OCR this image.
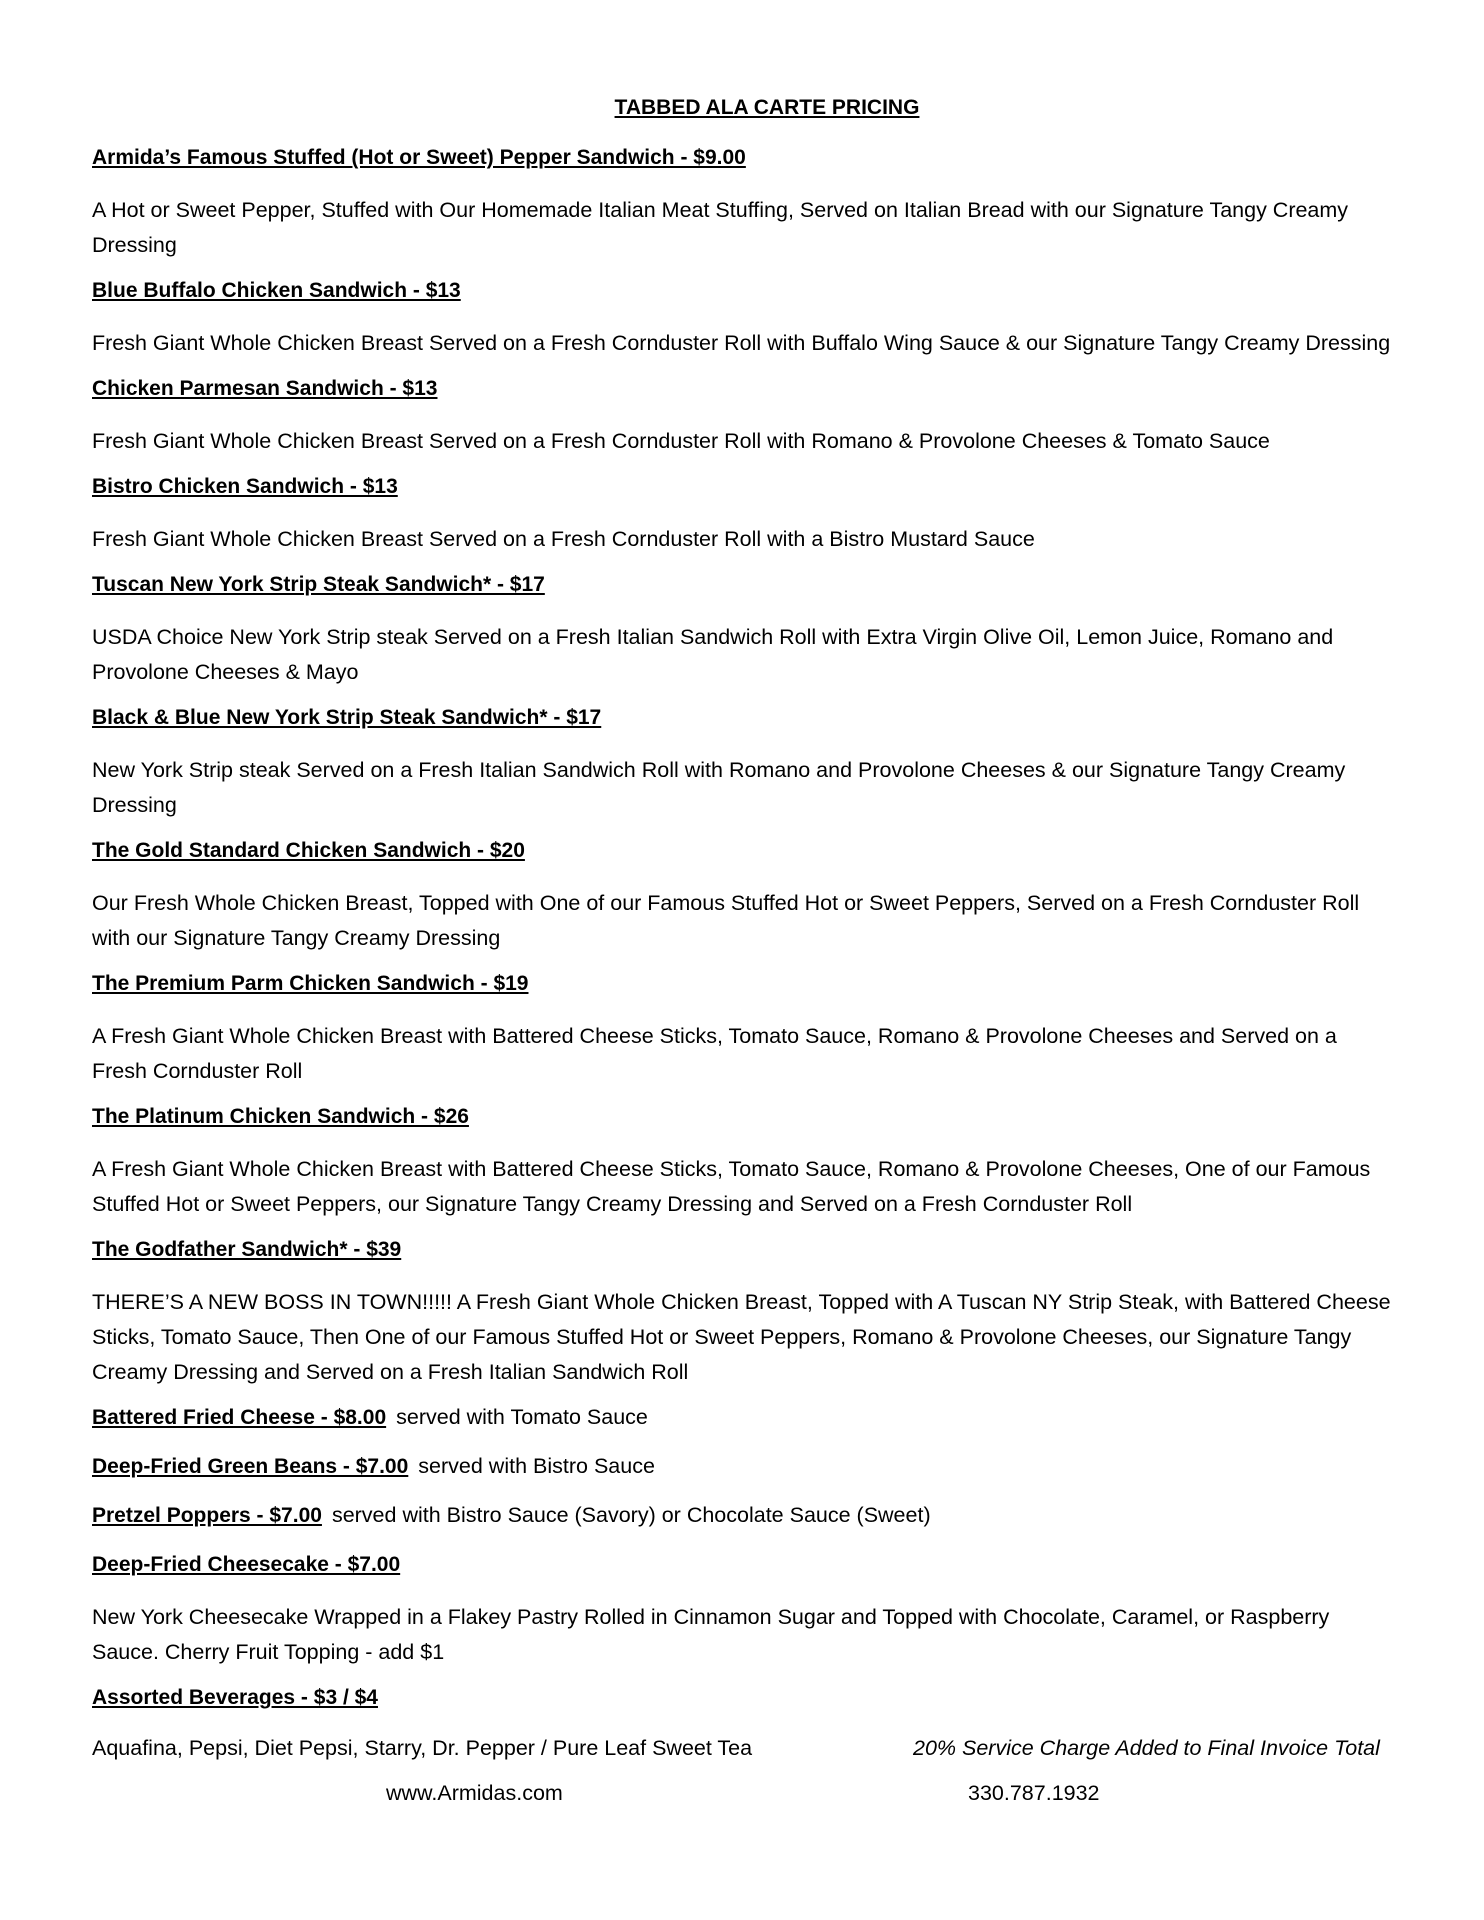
TABBED ALA CARTE PRICING
Armida’s Famous Stuffed (Hot or Sweet) Pepper Sandwich - $9.00
A Hot or Sweet Pepper, Stuffed with Our Homemade Italian Meat Stuffing, Served on Italian Bread with our Signature Tangy Creamy Dressing
Blue Buffalo Chicken Sandwich - $13
Fresh Giant Whole Chicken Breast Served on a Fresh Cornduster Roll with Buffalo Wing Sauce & our Signature Tangy Creamy Dressing
Chicken Parmesan Sandwich - $13
Fresh Giant Whole Chicken Breast Served on a Fresh Cornduster Roll with Romano & Provolone Cheeses & Tomato Sauce
Bistro Chicken Sandwich - $13
Fresh Giant Whole Chicken Breast Served on a Fresh Cornduster Roll with a Bistro Mustard Sauce
Tuscan New York Strip Steak Sandwich* - $17
USDA Choice New York Strip steak Served on a Fresh Italian Sandwich Roll with Extra Virgin Olive Oil, Lemon Juice, Romano and Provolone Cheeses & Mayo
Black & Blue New York Strip Steak Sandwich* - $17
New York Strip steak Served on a Fresh Italian Sandwich Roll with Romano and Provolone Cheeses & our Signature Tangy Creamy Dressing
The Gold Standard Chicken Sandwich - $20
Our Fresh Whole Chicken Breast, Topped with One of our Famous Stuffed Hot or Sweet Peppers, Served on a Fresh Cornduster Roll with our Signature Tangy Creamy Dressing
The Premium Parm Chicken Sandwich - $19
A Fresh Giant Whole Chicken Breast with Battered Cheese Sticks, Tomato Sauce, Romano & Provolone Cheeses and Served on a Fresh Cornduster Roll
The Platinum Chicken Sandwich - $26
A Fresh Giant Whole Chicken Breast with Battered Cheese Sticks, Tomato Sauce, Romano & Provolone Cheeses, One of our Famous Stuffed Hot or Sweet Peppers, our Signature Tangy Creamy Dressing and Served on a Fresh Cornduster Roll
The Godfather Sandwich* - $39
THERE’S A NEW BOSS IN TOWN!!!!! A Fresh Giant Whole Chicken Breast, Topped with A Tuscan NY Strip Steak, with Battered Cheese Sticks, Tomato Sauce, Then One of our Famous Stuffed Hot or Sweet Peppers, Romano & Provolone Cheeses, our Signature Tangy Creamy Dressing and Served on a Fresh Italian Sandwich Roll
Battered Fried Cheese - $8.00 served with Tomato Sauce
Deep-Fried Green Beans - $7.00 served with Bistro Sauce
Pretzel Poppers - $7.00 served with Bistro Sauce (Savory) or Chocolate Sauce (Sweet)
Deep-Fried Cheesecake - $7.00
New York Cheesecake Wrapped in a Flakey Pastry Rolled in Cinnamon Sugar and Topped with Chocolate, Caramel, or Raspberry Sauce. Cherry Fruit Topping - add $1
Assorted Beverages - $3 / $4
Aquafina, Pepsi, Diet Pepsi, Starry, Dr. Pepper / Pure Leaf Sweet Tea	20% Service Charge Added to Final Invoice Total
www.Armidas.com	330.787.1932
